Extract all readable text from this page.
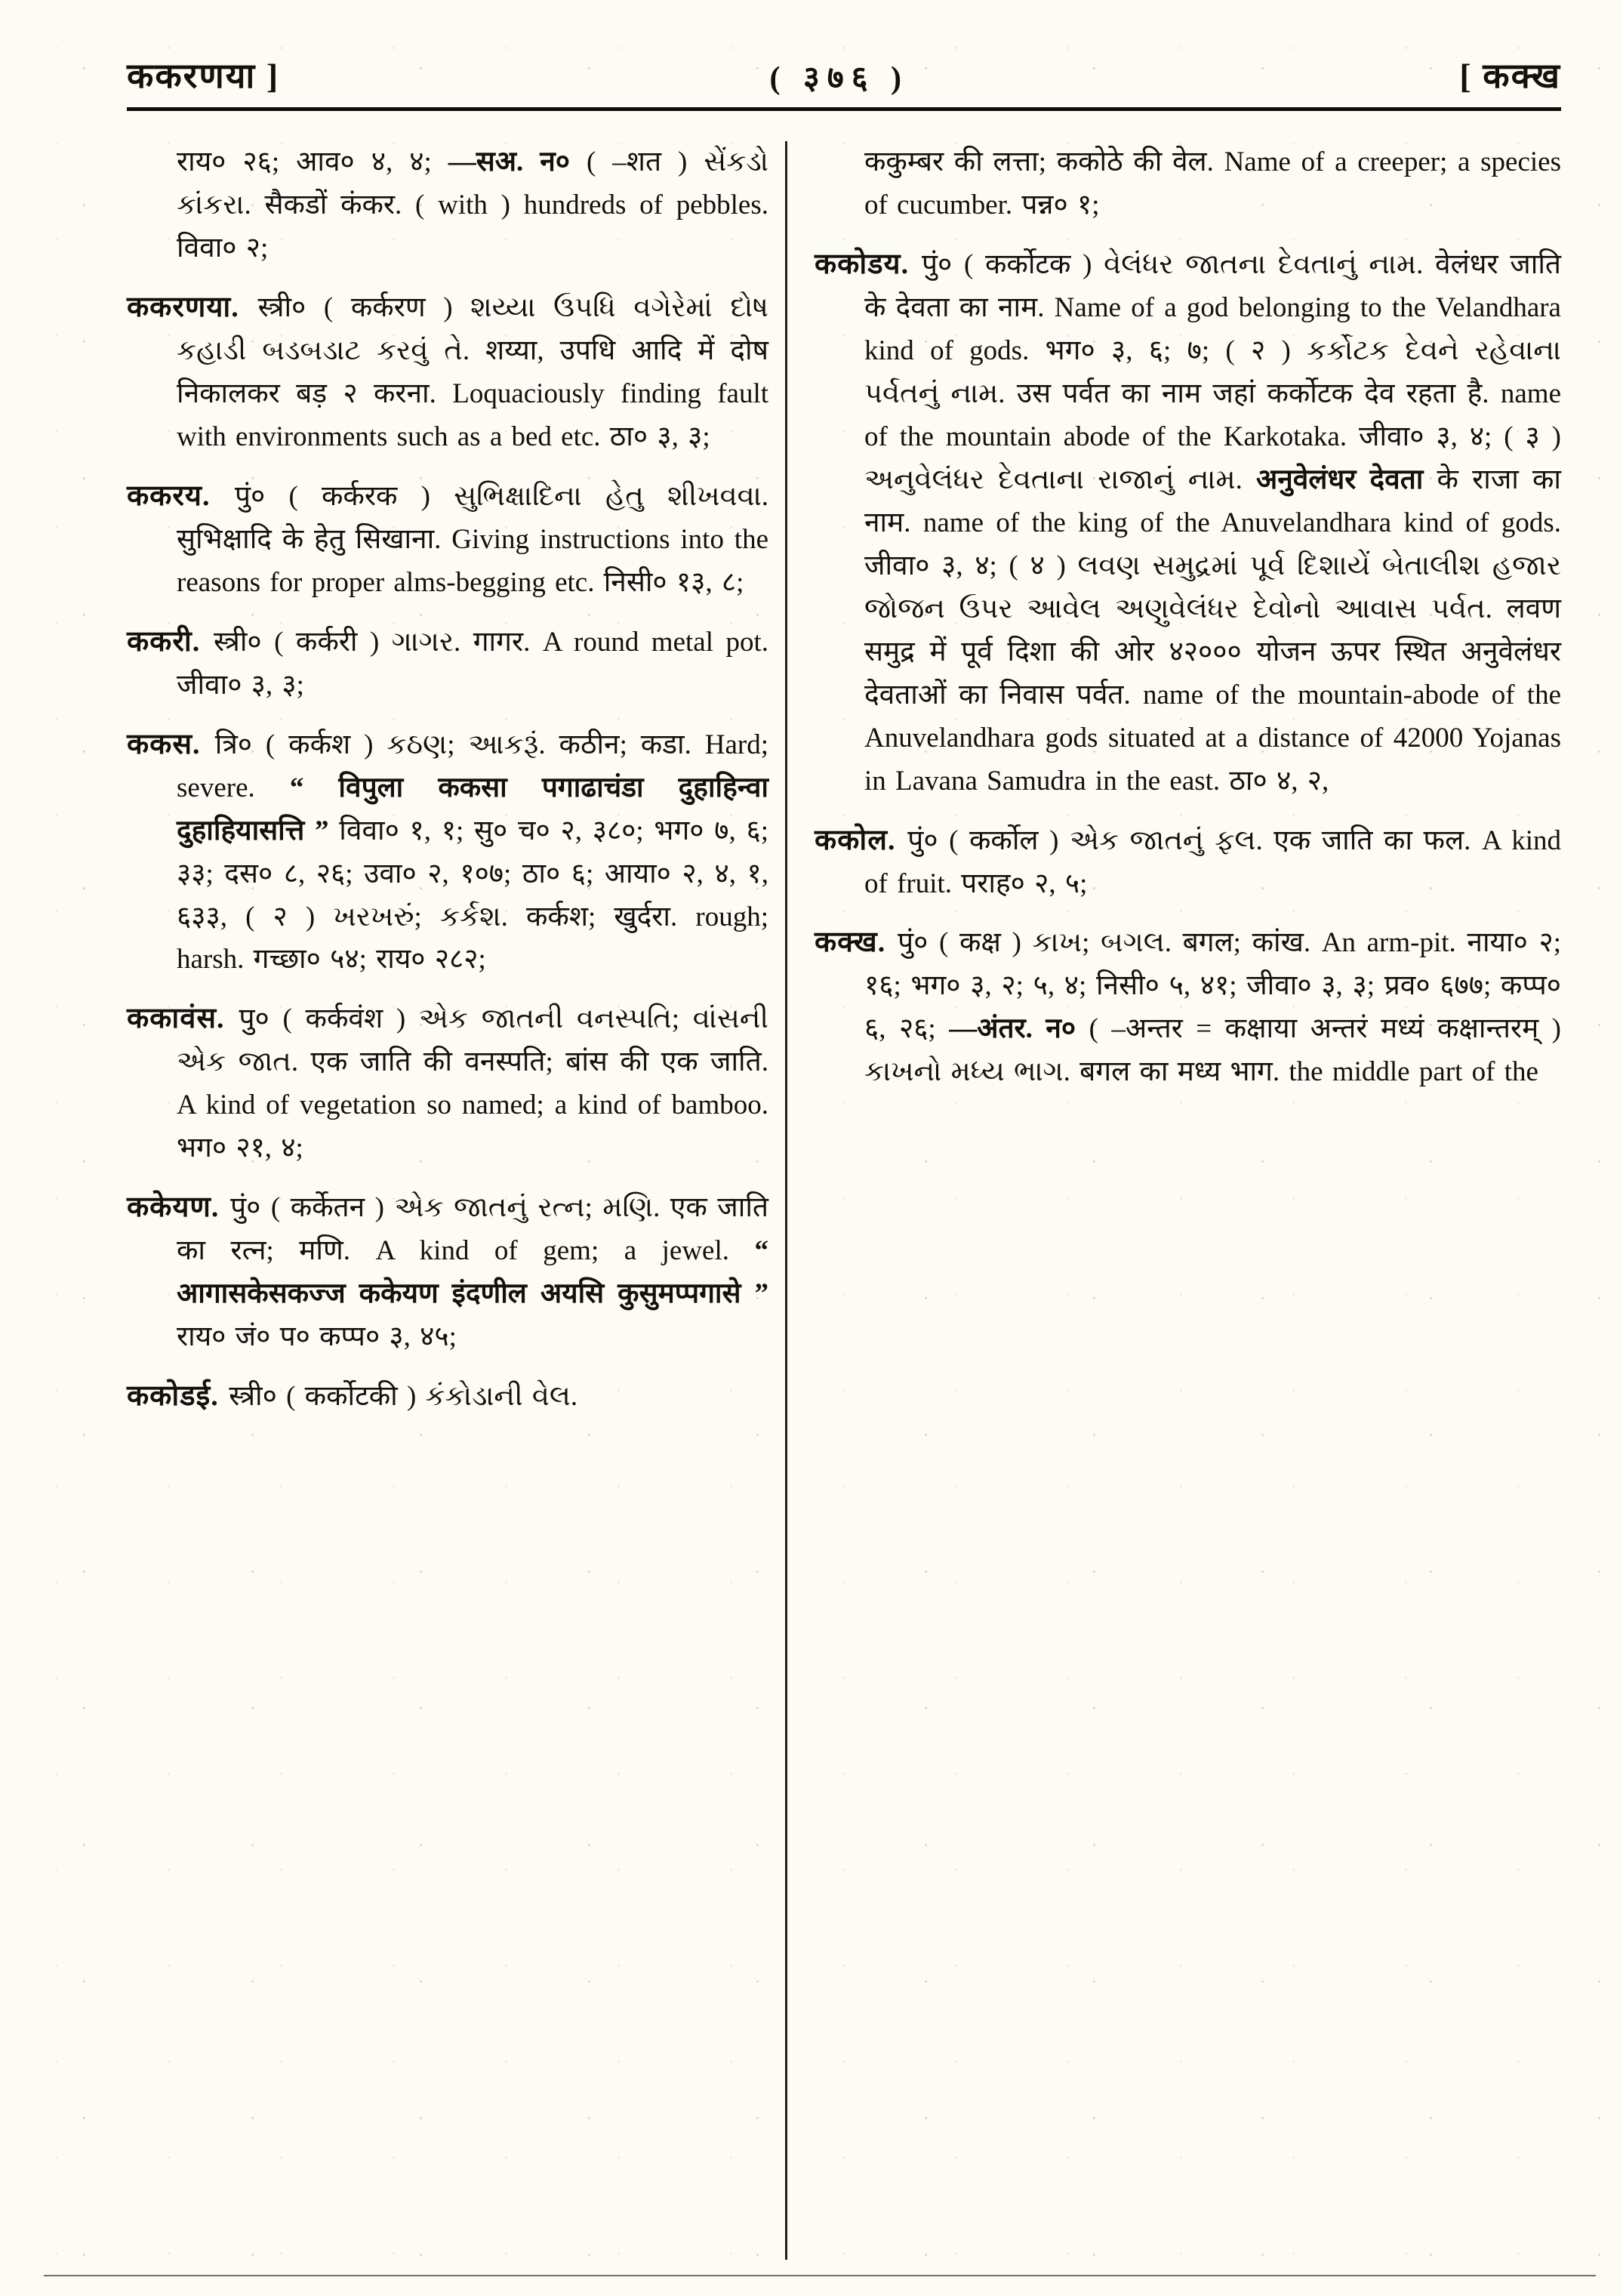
ककरणया ]	( ३७६ )	[ कक्ख

राय० २६; आव० ४, ४; —सअ. न० ( –शत ) સેંકડો કાંકરા. सैकडों कंकर. ( with ) hundreds of pebbles. विवा० २;

ककरणया. स्त्री० ( कर्करण ) શય્યા ઉપધિ વગેરેમાં દોષ કહાડી બડબડાટ કરવું તે. शय्या, उपधि आदि में दोष निकालकर बड़ २ करना. Loquaciously finding fault with environments such as a bed etc. ठा० ३, ३;

ककरय. पुं० ( कर्करक ) સુભિક્ષાદિના હેતુ શીખવવા. सुभिक्षादि के हेतु सिखाना. Giving instructions into the reasons for proper alms-begging etc. निसी० १३, ८;

ककरी. स्त्री० ( कर्करी ) ગાગર. गागर. A round metal pot. जीवा० ३, ३;

ककस. त्रि० ( कर्कश ) કઠણ; આકરૂં. कठीन; कडा. Hard; severe. “ विपुला ककसा पगाढाचंडा दुहाहिन्वा दुहाहियासत्ति ” विवा० १, १; सु० च० २, ३८०; भग० ७, ६; ३३; दस० ८, २६; उवा० २, १०७; ठा० ६; आया० २, ४, १, ६३३, ( २ ) ખરખરું; કર્કશ. कर्कश; खुर्दरा. rough; harsh. गच्छा० ५४; राय० २८२;

ककावंस. पु० ( कर्कवंश ) એક જાતની વનસ્પતિ; વાંસની એક જાત. एक जाति की वनस्पति; बांस की एक जाति. A kind of vegetation so named; a kind of bamboo. भग० २१, ४;

ककेयण. पुं० ( कर्केतन ) એક જાતનું રત્ન; મણિ. एक जाति का रत्न; मणि. A kind of gem; a jewel. “ आगासकेसकज्ज ककेयण इंदणील अयसि कुसुमप्पगासे ” राय० जं० प० कप्प० ३, ४५;

ककोडई. स्त्री० ( कर्कोटकी ) કંકોડાની વેલ.

ककुम्बर की लत्ता; ककोठे की वेल. Name of a creeper; a species of cucumber. पन्न० १;

ककोडय. पुं० ( कर्कोटक ) વેલંધર જાતના દેવતાનું નામ. वेलंधर जाति के देवता का नाम. Name of a god belonging to the Velandhara kind of gods. भग० ३, ६; ७; ( २ ) કર્કોટક દેવને રહેવાના પર્વતનું નામ. उस पर्वत का नाम जहां कर्कोटक देव रहता है. name of the mountain abode of the Karkotaka. जीवा० ३, ४; ( ३ ) અનુવેલંધર દેવતાના રાજાનું નામ. अनुवेलंधर देवता के राजा का नाम. name of the king of the Anuvelandhara kind of gods. जीवा० ३, ४; ( ४ ) લવણ સમુદ્રમાં પૂર્વ દિશાયેં બેતાલીશ હજાર જોજન ઉપર આવેલ અણુવેલંધર દેવોનો આવાસ પર્વત. लवण समुद्र में पूर्व दिशा की ओर ४२००० योजन ऊपर स्थित अनुवेलंधर देवताओं का निवास पर्वत. name of the mountain-abode of the Anuvelandhara gods situated at a distance of 42000 Yojanas in Lavana Samudra in the east. ठा० ४, २,

ककोल. पुं० ( कर्कोल ) એક જાતનું ફલ. एक जाति का फल. A kind of fruit. पराह० २, ५;

कक्ख. पुं० ( कक्ष ) કાખ; બગલ. बगल; कांख. An arm-pit. नाया० २; १६; भग० ३, २; ५, ४; निसी० ५, ४१; जीवा० ३, ३; प्रव० ६७७; कप्प० ६, २६; —अंतर. न० ( –अन्तर = कक्षाया अन्तरं मध्यं कक्षान्तरम् ) કાખનો મધ્ય ભાગ. बगल का मध्य भाग. the middle part of the
